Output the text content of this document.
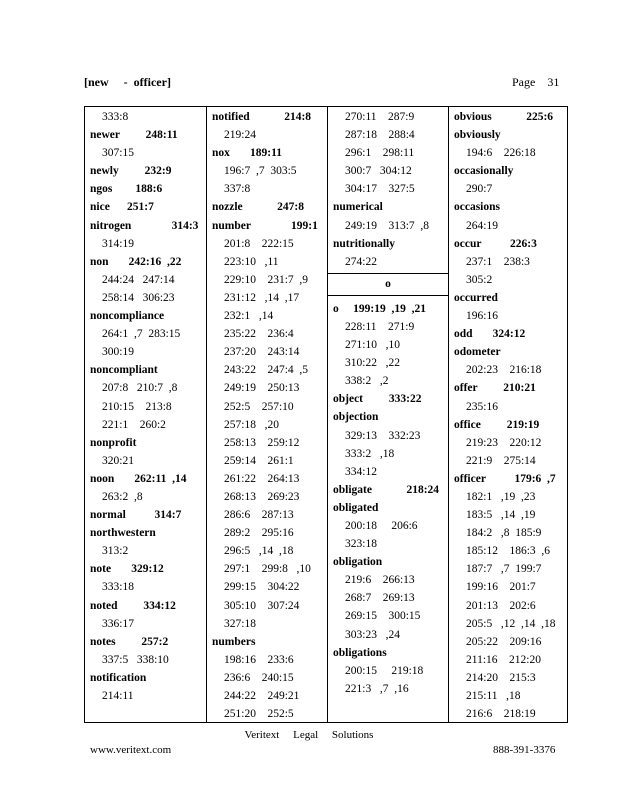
[new     -  officer]	Page    31
333:8
newer         248:11
307:15
newly         232:9
ngos        188:6
nice      251:7
nitrogen              314:3
314:19
non       242:16  ,22
244:24   247:14
258:14   306:23
noncompliance
264:1  ,7  283:15
300:19
noncompliant
207:8   210:7  ,8
210:15    213:8
221:1    260:2
nonprofit
320:21
noon       262:11  ,14
263:2  ,8
normal          314:7
northwestern
313:2
note       329:12
333:18
noted         334:12
336:17
notes         257:2
337:5   338:10
notification
214:11
notified            214:8
219:24
nox       189:11
196:7  ,7  303:5
337:8
nozzle            247:8
number              199:1
201:8    222:15
223:10   ,11
229:10    231:7  ,9
231:12   ,14  ,17
232:1   ,14
235:22    236:4
237:20    243:14
243:22    247:4  ,5
249:19    250:13
252:5    257:10
257:18   ,20
258:13    259:12
259:14    261:1
261:22    264:13
268:13    269:23
286:6    287:13
289:2    295:16
296:5   ,14  ,18
297:1    299:8   ,10
299:15    304:22
305:10    307:24
327:18
numbers
198:16    233:6
236:6    240:15
244:22    249:21
251:20    252:5
270:11    287:9
287:18    288:4
296:1    298:11
300:7   304:12
304:17    327:5
numerical
249:19    313:7  ,8
nutritionally
274:22
o
o     199:19  ,19  ,21
228:11    271:9
271:10   ,10
310:22   ,22
338:2   ,2
object         333:22
objection
329:13    332:23
333:2   ,18
334:12
obligate            218:24
obligated
200:18     206:6
323:18
obligation
219:6    266:13
268:7    269:13
269:15    300:15
303:23   ,24
obligations
200:15     219:18
221:3   ,7  ,16
obvious            225:6
obviously
194:6    226:18
occasionally
290:7
occasions
264:19
occur          226:3
237:1    238:3
305:2
occurred
196:16
odd       324:12
odometer
202:23    216:18
offer         210:21
235:16
office         219:19
219:23    220:12
221:9    275:14
officer          179:6  ,7
182:1   ,19  ,23
183:5   ,14  ,19
184:2   ,8  185:9
185:12    186:3  ,6
187:7   ,7  199:7
199:16    201:7
201:13    202:6
205:5   ,12  ,14  ,18
205:22    209:16
211:16    212:20
214:20    215:3
215:11   ,18
216:6    218:19
Veritext     Legal     Solutions
www.veritext.com	888-391-3376
